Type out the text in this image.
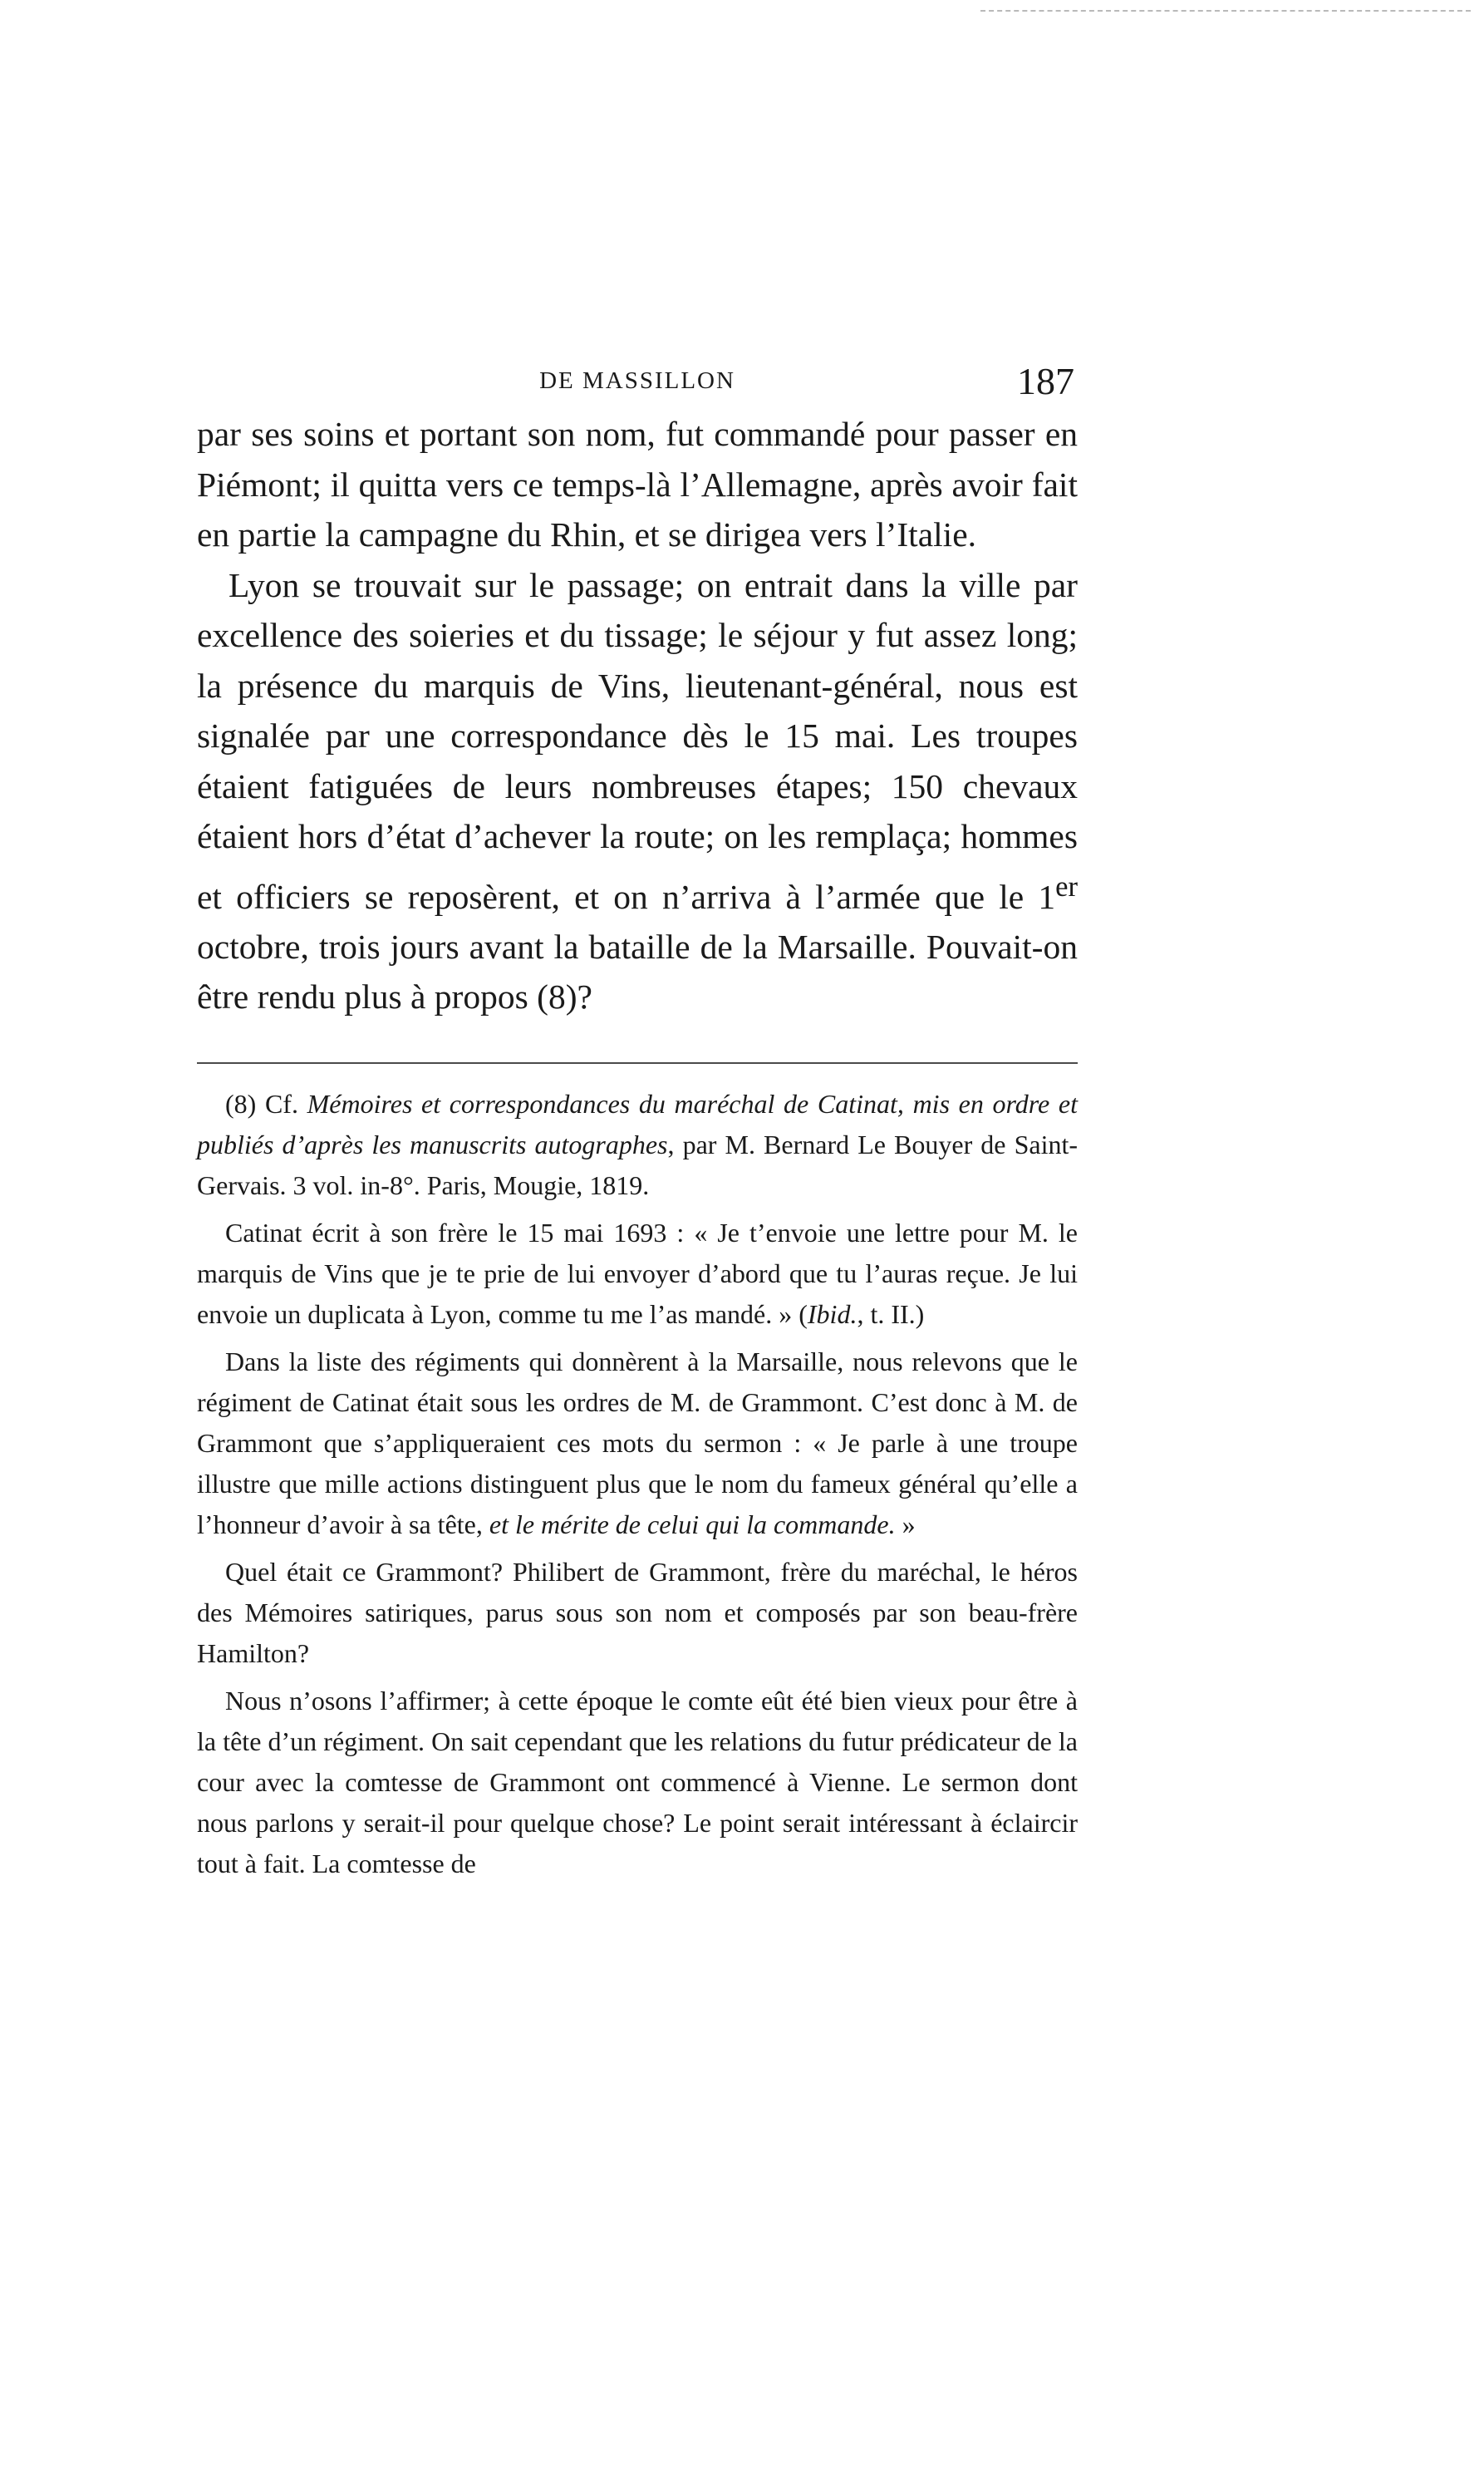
DE MASSILLON	187

par ses soins et portant son nom, fut commandé pour passer en Piémont; il quitta vers ce temps-là l’Allemagne, après avoir fait en partie la campagne du Rhin, et se dirigea vers l’Italie.

Lyon se trouvait sur le passage; on entrait dans la ville par excellence des soieries et du tissage; le séjour y fut assez long; la présence du marquis de Vins, lieutenant-général, nous est signalée par une correspondance dès le 15 mai. Les troupes étaient fatiguées de leurs nombreuses étapes; 150 chevaux étaient hors d’état d’achever la route; on les remplaça; hommes et officiers se reposèrent, et on n’arriva à l’armée que le 1er octobre, trois jours avant la bataille de la Marsaille. Pouvait-on être rendu plus à propos (8)?

(8) Cf. Mémoires et correspondances du maréchal de Catinat, mis en ordre et publiés d’après les manuscrits autographes, par M. Bernard Le Bouyer de Saint-Gervais. 3 vol. in-8°. Paris, Mougie, 1819.

Catinat écrit à son frère le 15 mai 1693 : « Je t’envoie une lettre pour M. le marquis de Vins que je te prie de lui envoyer d’abord que tu l’auras reçue. Je lui envoie un duplicata à Lyon, comme tu me l’as mandé. » (Ibid., t. II.)

Dans la liste des régiments qui donnèrent à la Marsaille, nous relevons que le régiment de Catinat était sous les ordres de M. de Grammont. C’est donc à M. de Grammont que s’appliqueraient ces mots du sermon : « Je parle à une troupe illustre que mille actions distinguent plus que le nom du fameux général qu’elle a l’honneur d’avoir à sa tête, et le mérite de celui qui la commande. »

Quel était ce Grammont? Philibert de Grammont, frère du maréchal, le héros des Mémoires satiriques, parus sous son nom et composés par son beau-frère Hamilton?

Nous n’osons l’affirmer; à cette époque le comte eût été bien vieux pour être à la tête d’un régiment. On sait cependant que les relations du futur prédicateur de la cour avec la comtesse de Grammont ont commencé à Vienne. Le sermon dont nous parlons y serait-il pour quelque chose? Le point serait intéressant à éclaircir tout à fait. La comtesse de
